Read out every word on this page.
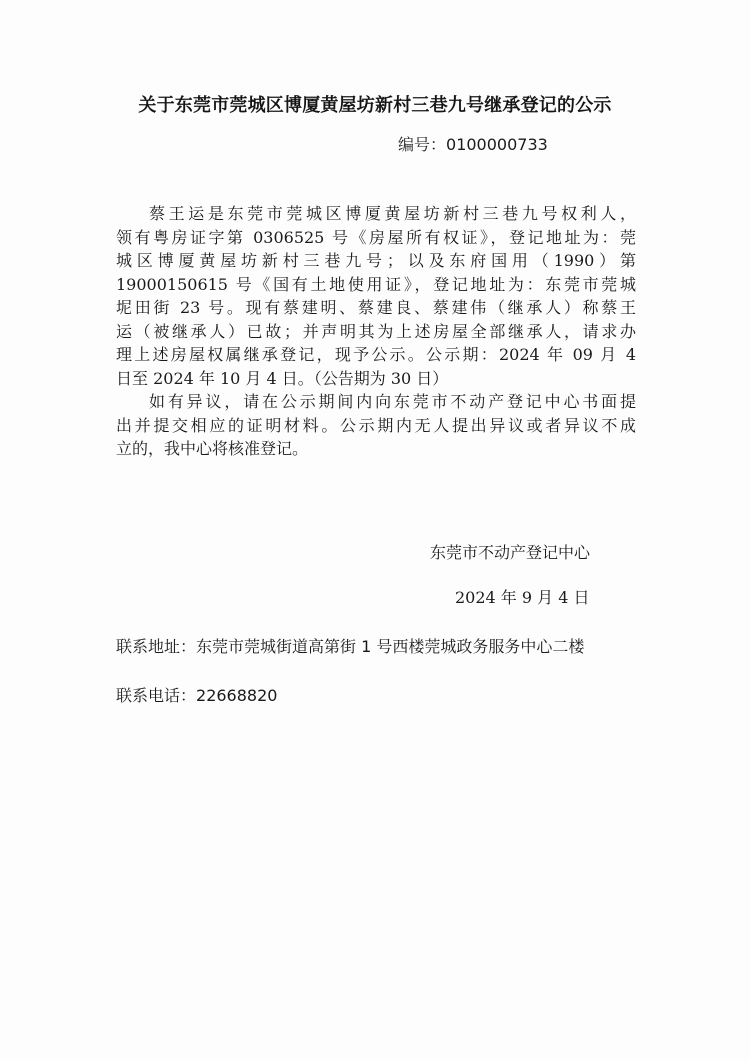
关于东莞市莞城区博厦黄屋坊新村三巷九号继承登记的公示
编号：0100000733
蔡王运是东莞市莞城区博厦黄屋坊新村三巷九号权利人，
领有粤房证字第 0306525 号《房屋所有权证》，登记地址为：莞
城区博厦黄屋坊新村三巷九号；以及东府国用（1990）第
19000150615 号《国有土地使用证》，登记地址为：东莞市莞城
坭田街 23 号。现有蔡建明、蔡建良、蔡建伟（继承人）称蔡王
运（被继承人）已故；并声明其为上述房屋全部继承人，请求办
理上述房屋权属继承登记，现予公示。公示期：2024 年 09 月 4
日至 2024 年 10 月 4 日。（公告期为 30 日）
如有异议，请在公示期间内向东莞市不动产登记中心书面提
出并提交相应的证明材料。公示期内无人提出异议或者异议不成
立的，我中心将核准登记。
东莞市不动产登记中心
2024 年 9 月 4 日
联系地址：东莞市莞城街道高第街 1 号西楼莞城政务服务中心二楼
联系电话：22668820
